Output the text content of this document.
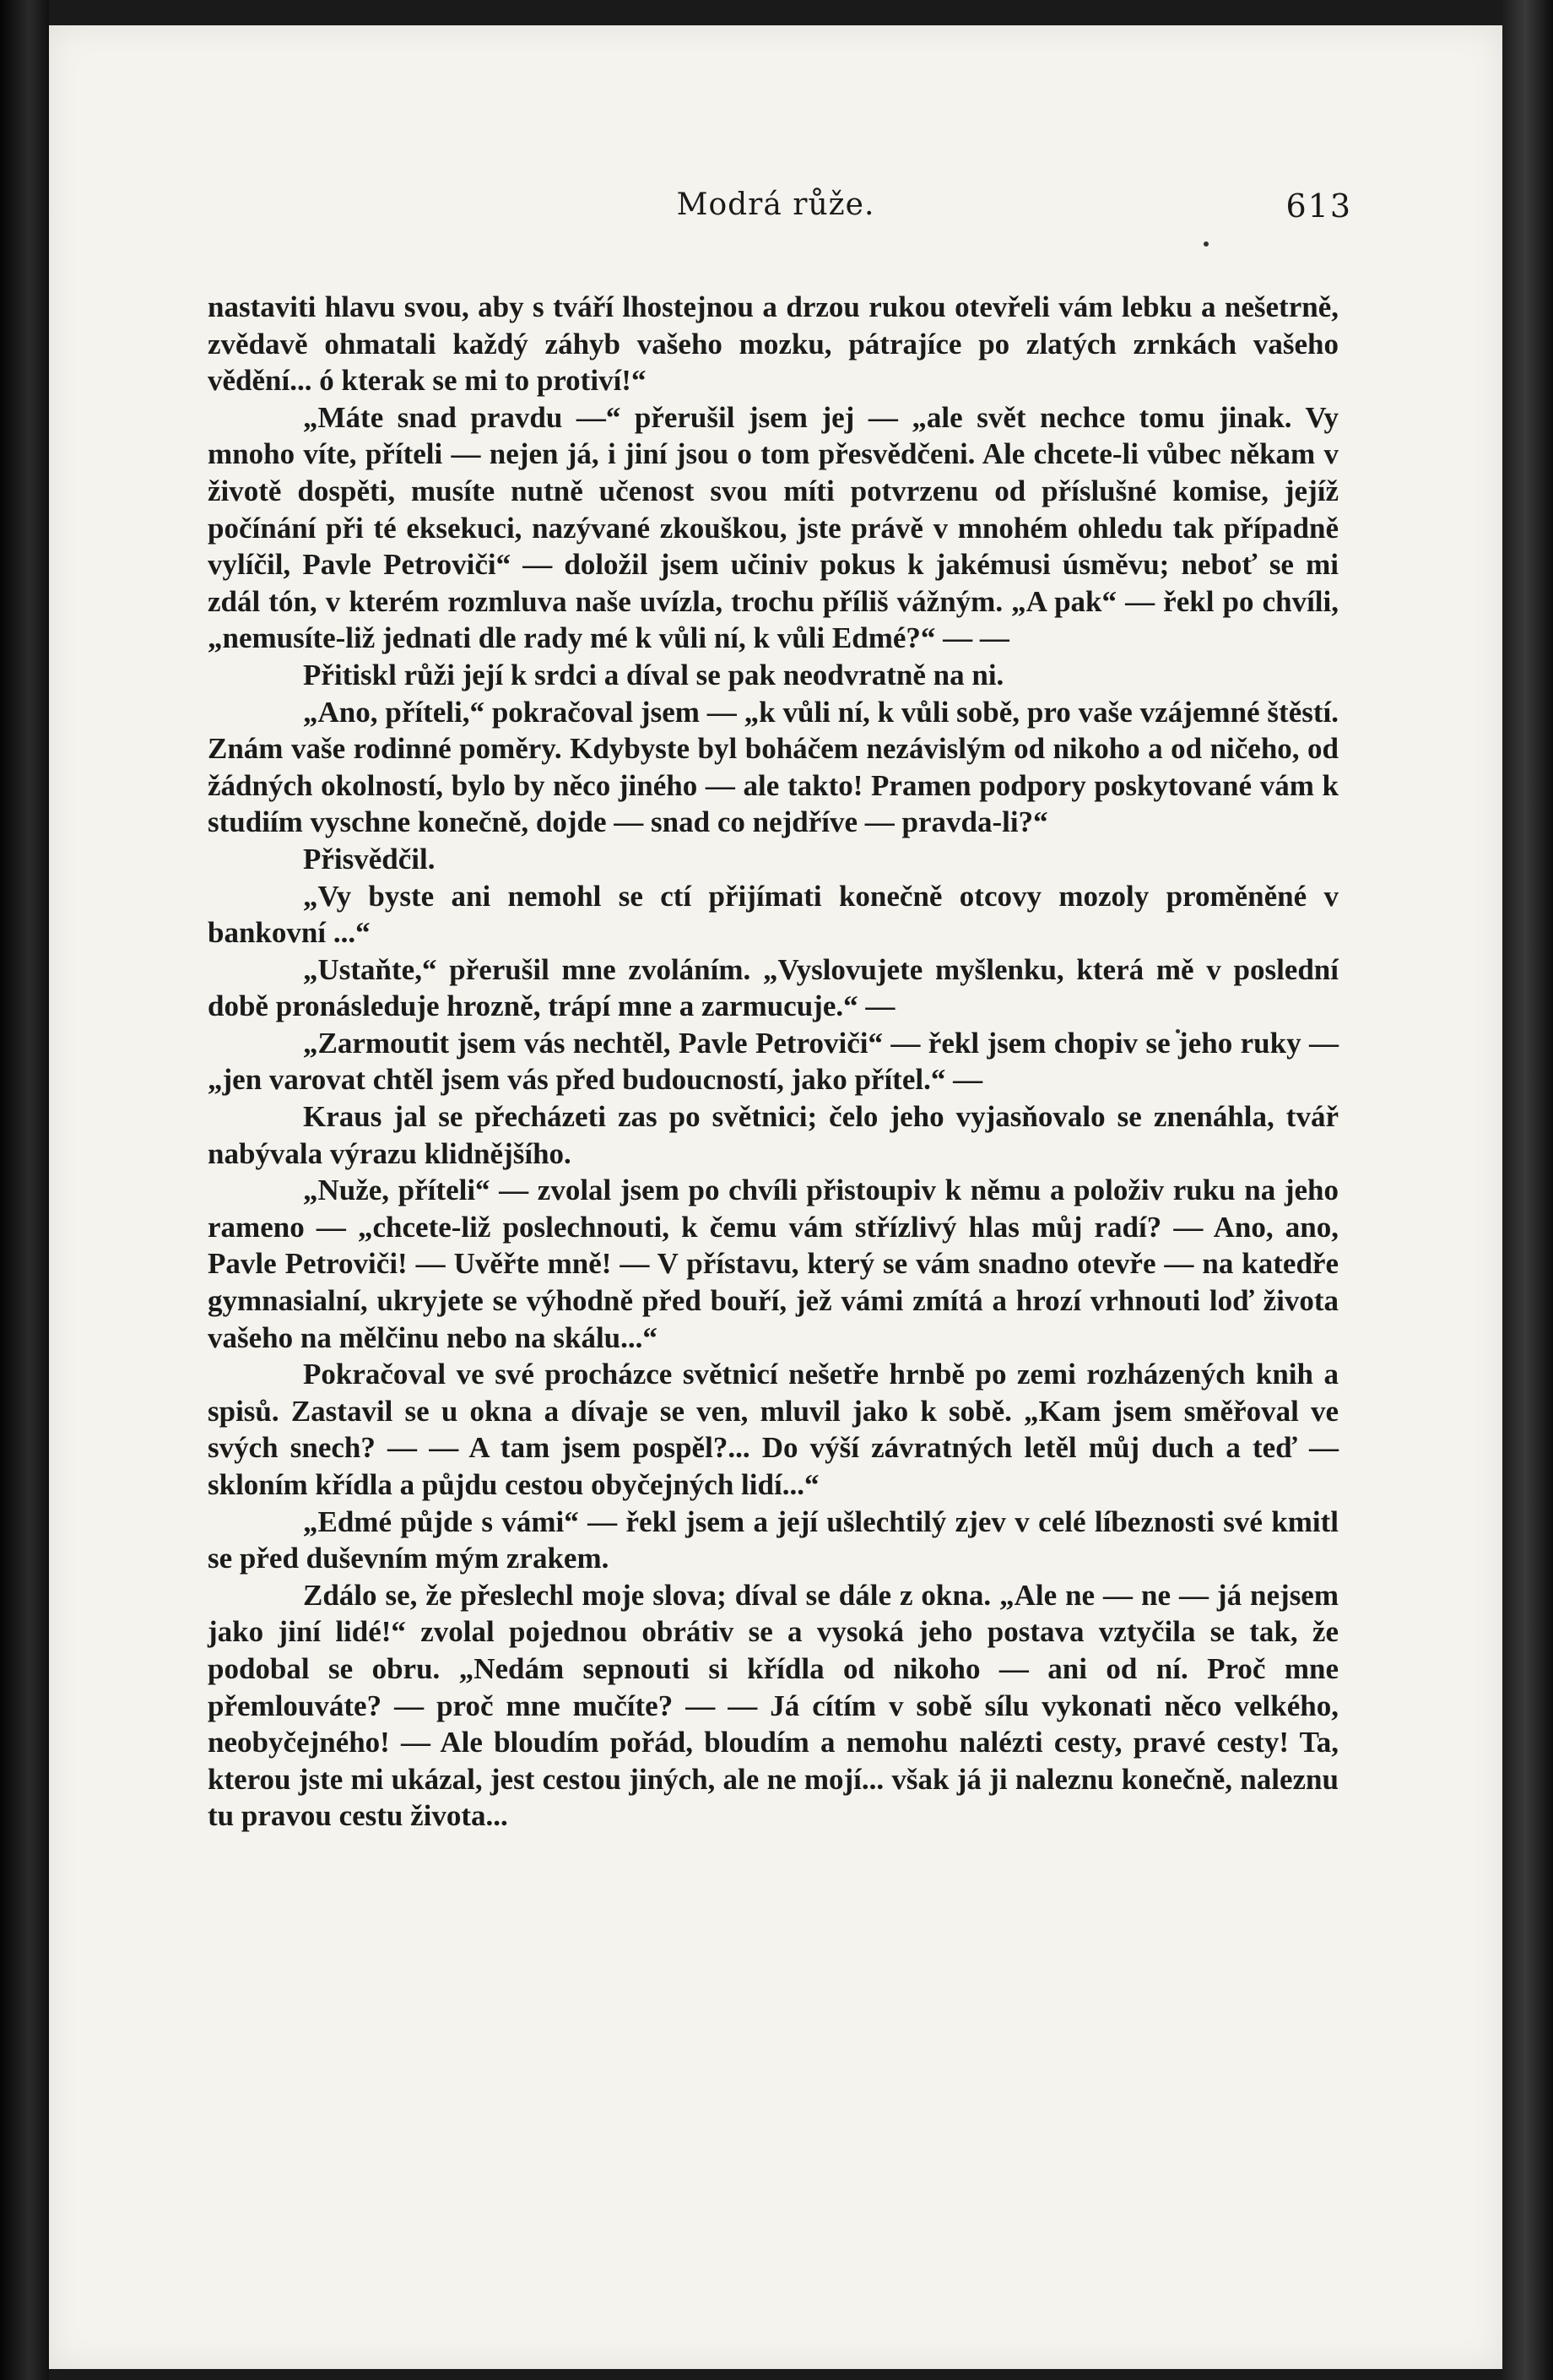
Modrá růže.	613

nastaviti hlavu svou, aby s tváří lhostejnou a drzou rukou otevřeli vám lebku a nešetrně, zvědavě ohmatali každý záhyb vašeho mozku, pátrajíce po zlatých zrnkách vašeho vědění... ó kterak se mi to protiví!“

„Máte snad pravdu —“ přerušil jsem jej — „ale svět nechce tomu jinak. Vy mnoho víte, příteli — nejen já, i jiní jsou o tom přesvědčeni. Ale chcete-li vůbec někam v životě dospěti, musíte nutně učenost svou míti potvrzenu od příslušné komise, jejíž počínání při té eksekuci, nazývané zkouškou, jste právě v mnohém ohledu tak případně vylíčil, Pavle Petroviči“ — doložil jsem učiniv pokus k jakémusi úsměvu; neboť se mi zdál tón, v kterém rozmluva naše uvízla, trochu příliš vážným. „A pak“ — řekl po chvíli, „nemusíte-liž jednati dle rady mé k vůli ní, k vůli Edmé?“ — —

Přitiskl růži její k srdci a díval se pak neodvratně na ni.

„Ano, příteli,“ pokračoval jsem — „k vůli ní, k vůli sobě, pro vaše vzájemné štěstí. Znám vaše rodinné poměry. Kdybyste byl boháčem nezávislým od nikoho a od ničeho, od žádných okolností, bylo by něco jiného — ale takto! Pramen podpory poskytované vám k studiím vyschne konečně, dojde — snad co nejdříve — pravda-li?“

Přisvědčil.

„Vy byste ani nemohl se ctí přijímati konečně otcovy mozoly proměněné v bankovní ...“

„Ustaňte,“ přerušil mne zvoláním. „Vyslovujete myšlenku, která mě v poslední době pronásleduje hrozně, trápí mne a zarmucuje.“ —

„Zarmoutit jsem vás nechtěl, Pavle Petroviči“ — řekl jsem chopiv se jeho ruky — „jen varovat chtěl jsem vás před budoucností, jako přítel.“ —

Kraus jal se přecházeti zas po světnici; čelo jeho vyjasňovalo se znenáhla, tvář nabývala výrazu klidnějšího.

„Nuže, příteli“ — zvolal jsem po chvíli přistoupiv k němu a položiv ruku na jeho rameno — „chcete-liž poslechnouti, k čemu vám střízlivý hlas můj radí? — Ano, ano, Pavle Petroviči! — Uvěřte mně! — V přístavu, který se vám snadno otevře — na katedře gymnasialní, ukryjete se výhodně před bouří, jež vámi zmítá a hrozí vrhnouti loď života vašeho na mělčinu nebo na skálu...“

Pokračoval ve své procházce světnicí nešetře hrnbě po zemi rozházených knih a spisů. Zastavil se u okna a dívaje se ven, mluvil jako k sobě. „Kam jsem směřoval ve svých snech? — — A tam jsem pospěl?... Do výší závratných letěl můj duch a teď — skloním křídla a půjdu cestou obyčejných lidí...“

„Edmé půjde s vámi“ — řekl jsem a její ušlechtilý zjev v celé líbeznosti své kmitl se před duševním mým zrakem.

Zdálo se, že přeslechl moje slova; díval se dále z okna. „Ale ne — ne — já nejsem jako jiní lidé!“ zvolal pojednou obrátiv se a vysoká jeho postava vztyčila se tak, že podobal se obru. „Nedám sepnouti si křídla od nikoho — ani od ní. Proč mne přemlouváte? — proč mne mučíte? — — Já cítím v sobě sílu vykonati něco velkého, neobyčejného! — Ale bloudím pořád, bloudím a nemohu nalézti cesty, pravé cesty! Ta, kterou jste mi ukázal, jest cestou jiných, ale ne mojí... však já ji naleznu konečně, naleznu tu pravou cestu života...
